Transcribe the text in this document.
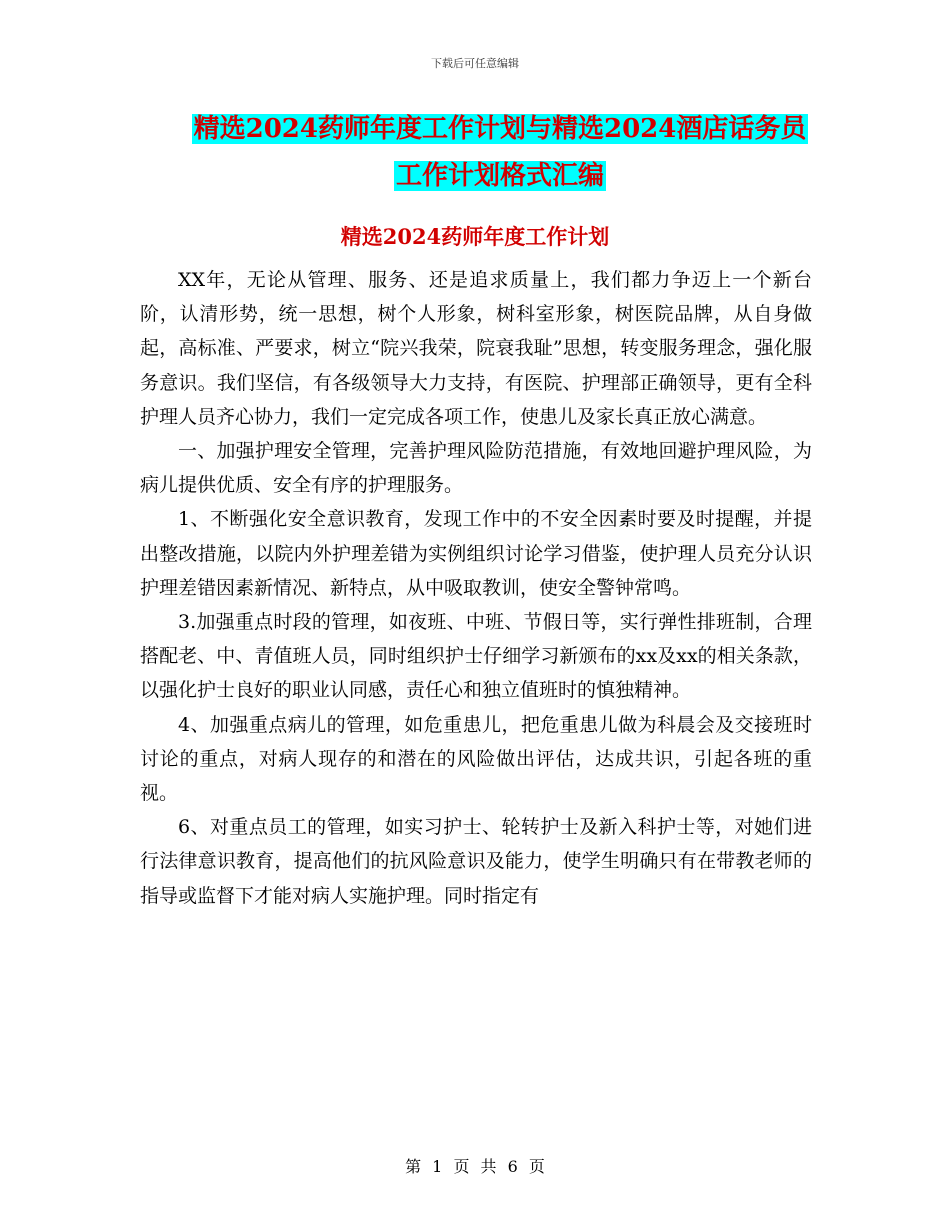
下载后可任意编辑
精选2024药师年度工作计划与精选2024酒店话务员
工作计划格式汇编
精选2024药师年度工作计划

XX年，无论从管理、服务、还是追求质量上，我们都力争迈上一个新台阶，认清形势，统一思想，树个人形象，树科室形象，树医院品牌，从自身做起，高标准、严要求，树立“院兴我荣，院衰我耻”思想，转变服务理念，强化服务意识。我们坚信，有各级领导大力支持，有医院、护理部正确领导，更有全科护理人员齐心协力，我们一定完成各项工作，使患儿及家长真正放心满意。

一、加强护理安全管理，完善护理风险防范措施，有效地回避护理风险，为病儿提供优质、安全有序的护理服务。

1、不断强化安全意识教育，发现工作中的不安全因素时要及时提醒，并提出整改措施，以院内外护理差错为实例组织讨论学习借鉴，使护理人员充分认识护理差错因素新情况、新特点，从中吸取教训，使安全警钟常鸣。

3.加强重点时段的管理，如夜班、中班、节假日等，实行弹性排班制，合理搭配老、中、青值班人员，同时组织护士仔细学习新颁布的xx及xx的相关条款，以强化护士良好的职业认同感，责任心和独立值班时的慎独精神。

4、加强重点病儿的管理，如危重患儿，把危重患儿做为科晨会及交接班时讨论的重点，对病人现存的和潜在的风险做出评估，达成共识，引起各班的重视。

6、对重点员工的管理，如实习护士、轮转护士及新入科护士等，对她们进行法律意识教育，提高他们的抗风险意识及能力，使学生明确只有在带教老师的指导或监督下才能对病人实施护理。同时指定有

第 1 页 共 6 页
